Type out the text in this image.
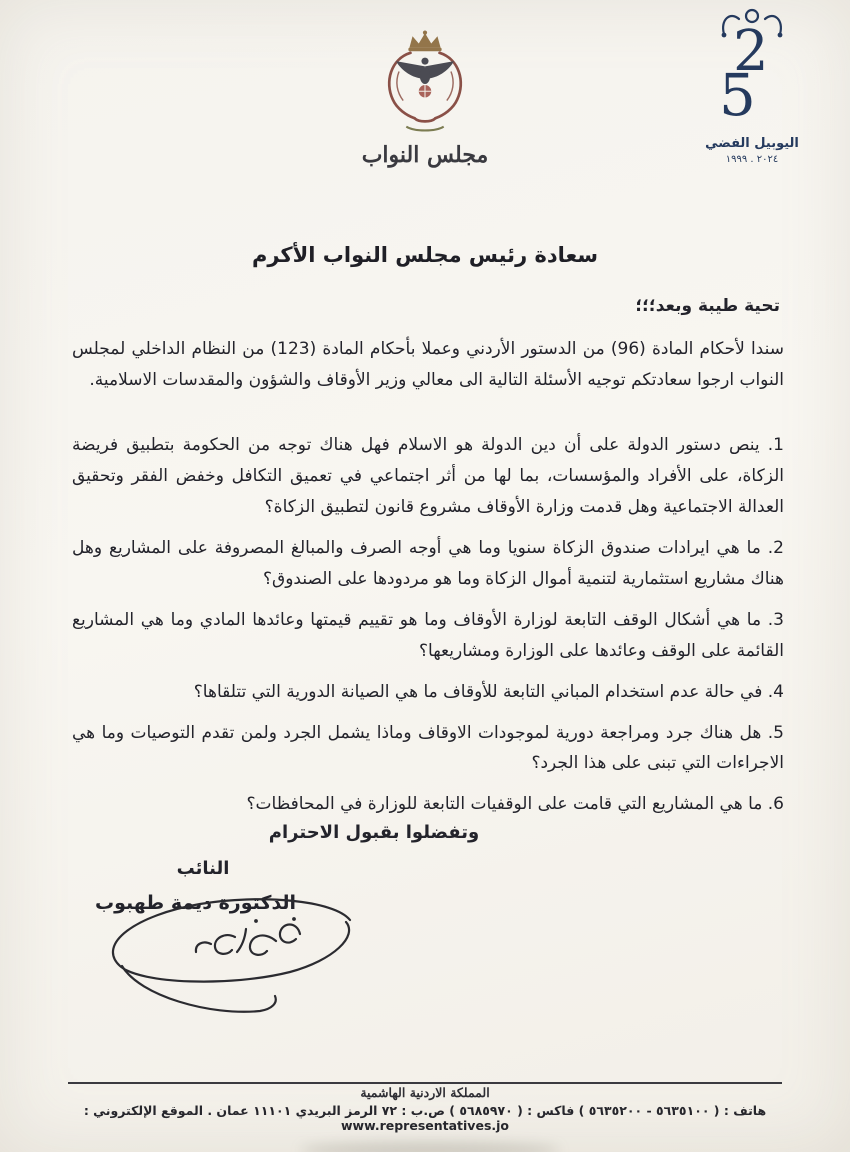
مجلس النواب
2
5
اليوبيل الفضي
٢٠٢٤ . ١٩٩٩
سعادة رئيس مجلس النواب الأكرم
تحية طيبة وبعد؛؛؛
سندا لأحكام المادة (96) من الدستور الأردني وعملا بأحكام المادة (123) من النظام الداخلي لمجلس النواب ارجوا سعادتكم توجيه الأسئلة التالية الى معالي وزير الأوقاف والشؤون والمقدسات الاسلامية.
1. ينص دستور الدولة على أن دين الدولة هو الاسلام فهل هناك توجه من الحكومة بتطبيق فريضة الزكاة، على الأفراد والمؤسسات، بما لها من أثر اجتماعي في تعميق التكافل وخفض الفقر وتحقيق العدالة الاجتماعية وهل قدمت وزارة الأوقاف مشروع قانون لتطبيق الزكاة؟
2. ما هي ايرادات صندوق الزكاة سنويا وما هي أوجه الصرف والمبالغ المصروفة على المشاريع وهل هناك مشاريع استثمارية لتنمية أموال الزكاة وما هو مردودها على الصندوق؟
3. ما هي أشكال الوقف التابعة لوزارة الأوقاف وما هو تقييم قيمتها وعائدها المادي وما هي المشاريع القائمة على الوقف وعائدها على الوزارة ومشاريعها؟
4. في حالة عدم استخدام المباني التابعة للأوقاف ما هي الصيانة الدورية التي تتلقاها؟
5. هل هناك جرد ومراجعة دورية لموجودات الاوقاف وماذا يشمل الجرد ولمن تقدم التوصيات وما هي الاجراءات التي تبنى على هذا الجرد؟
6. ما هي المشاريع التي قامت على الوقفيات التابعة للوزارة في المحافظات؟
وتفضلوا بقبول الاحترام
النائب
الدكتورة ديمة طهبوب
المملكة الاردنية الهاشمية
هاتف : ( ٥٦٣٥١٠٠ - ٥٦٣٥٢٠٠ ) فاكس : ( ٥٦٨٥٩٧٠ ) ص.ب : ٧٢ الرمز البريدي ١١١٠١ عمان . الموقع الإلكتروني : www.representatives.jo
